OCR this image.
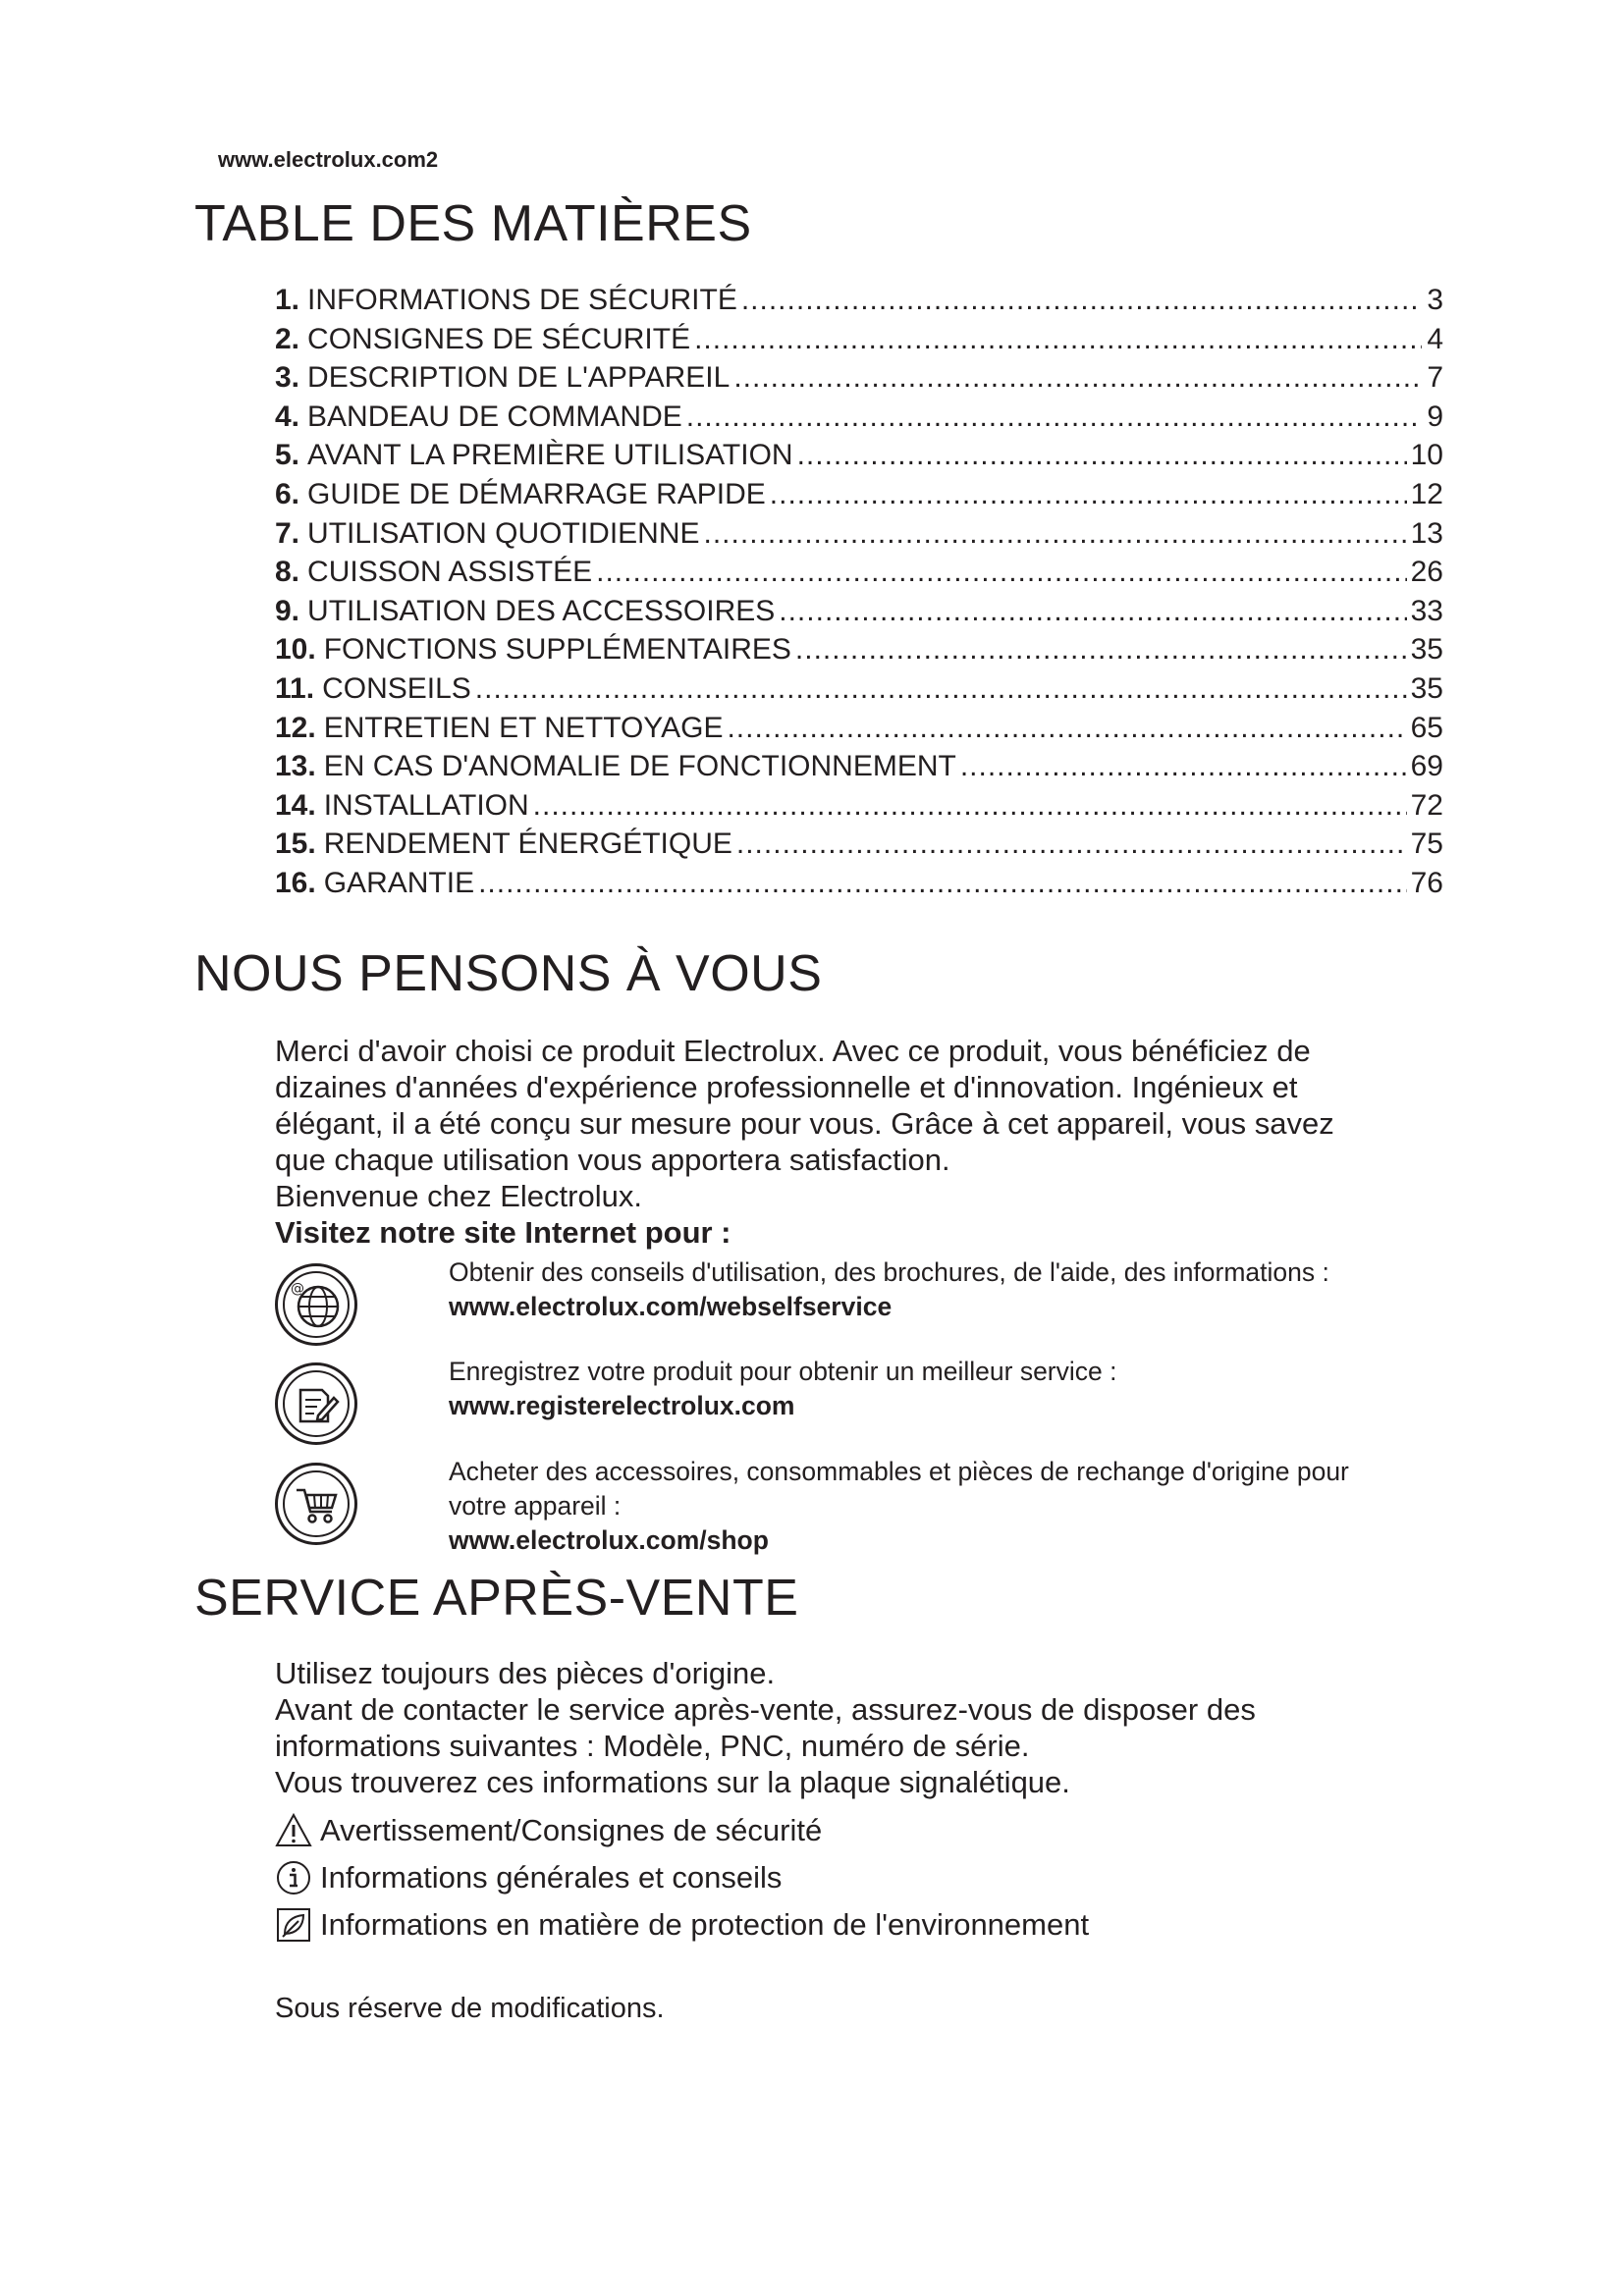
www.electrolux.com2
TABLE DES MATIÈRES
1. INFORMATIONS DE SÉCURITÉ .....	3
2. CONSIGNES DE SÉCURITÉ .....	4
3. DESCRIPTION DE L'APPAREIL .....	7
4. BANDEAU DE COMMANDE .....	9
5. AVANT LA PREMIÈRE UTILISATION .....	10
6. GUIDE DE DÉMARRAGE RAPIDE .....	12
7. UTILISATION QUOTIDIENNE .....	13
8. CUISSON ASSISTÉE .....	26
9. UTILISATION DES ACCESSOIRES .....	33
10. FONCTIONS SUPPLÉMENTAIRES .....	35
11. CONSEILS .....	35
12. ENTRETIEN ET NETTOYAGE .....	65
13. EN CAS D'ANOMALIE DE FONCTIONNEMENT .....	69
14. INSTALLATION .....	72
15. RENDEMENT ÉNERGÉTIQUE .....	75
16. GARANTIE .....	76
NOUS PENSONS À VOUS

Merci d'avoir choisi ce produit Electrolux. Avec ce produit, vous bénéficiez de

dizaines d'années d'expérience professionnelle et d'innovation. Ingénieux et

élégant, il a été conçu sur mesure pour vous. Grâce à cet appareil, vous savez

que chaque utilisation vous apportera satisfaction.

Bienvenue chez Electrolux.

Visitez notre site Internet pour :

@
Obtenir des conseils d'utilisation, des brochures, de l'aide, des informations :
www.electrolux.com/webselfservice
Enregistrez votre produit pour obtenir un meilleur service :
www.registerelectrolux.com
Acheter des accessoires, consommables et pièces de rechange d'origine pour
votre appareil :
www.electrolux.com/shop
SERVICE APRÈS-VENTE

Utilisez toujours des pièces d'origine.

Avant de contacter le service après-vente, assurez-vous de disposer des

informations suivantes : Modèle, PNC, numéro de série.

Vous trouverez ces informations sur la plaque signalétique.

Avertissement/Consignes de sécurité
Informations générales et conseils
Informations en matière de protection de l'environnement
Sous réserve de modifications.
